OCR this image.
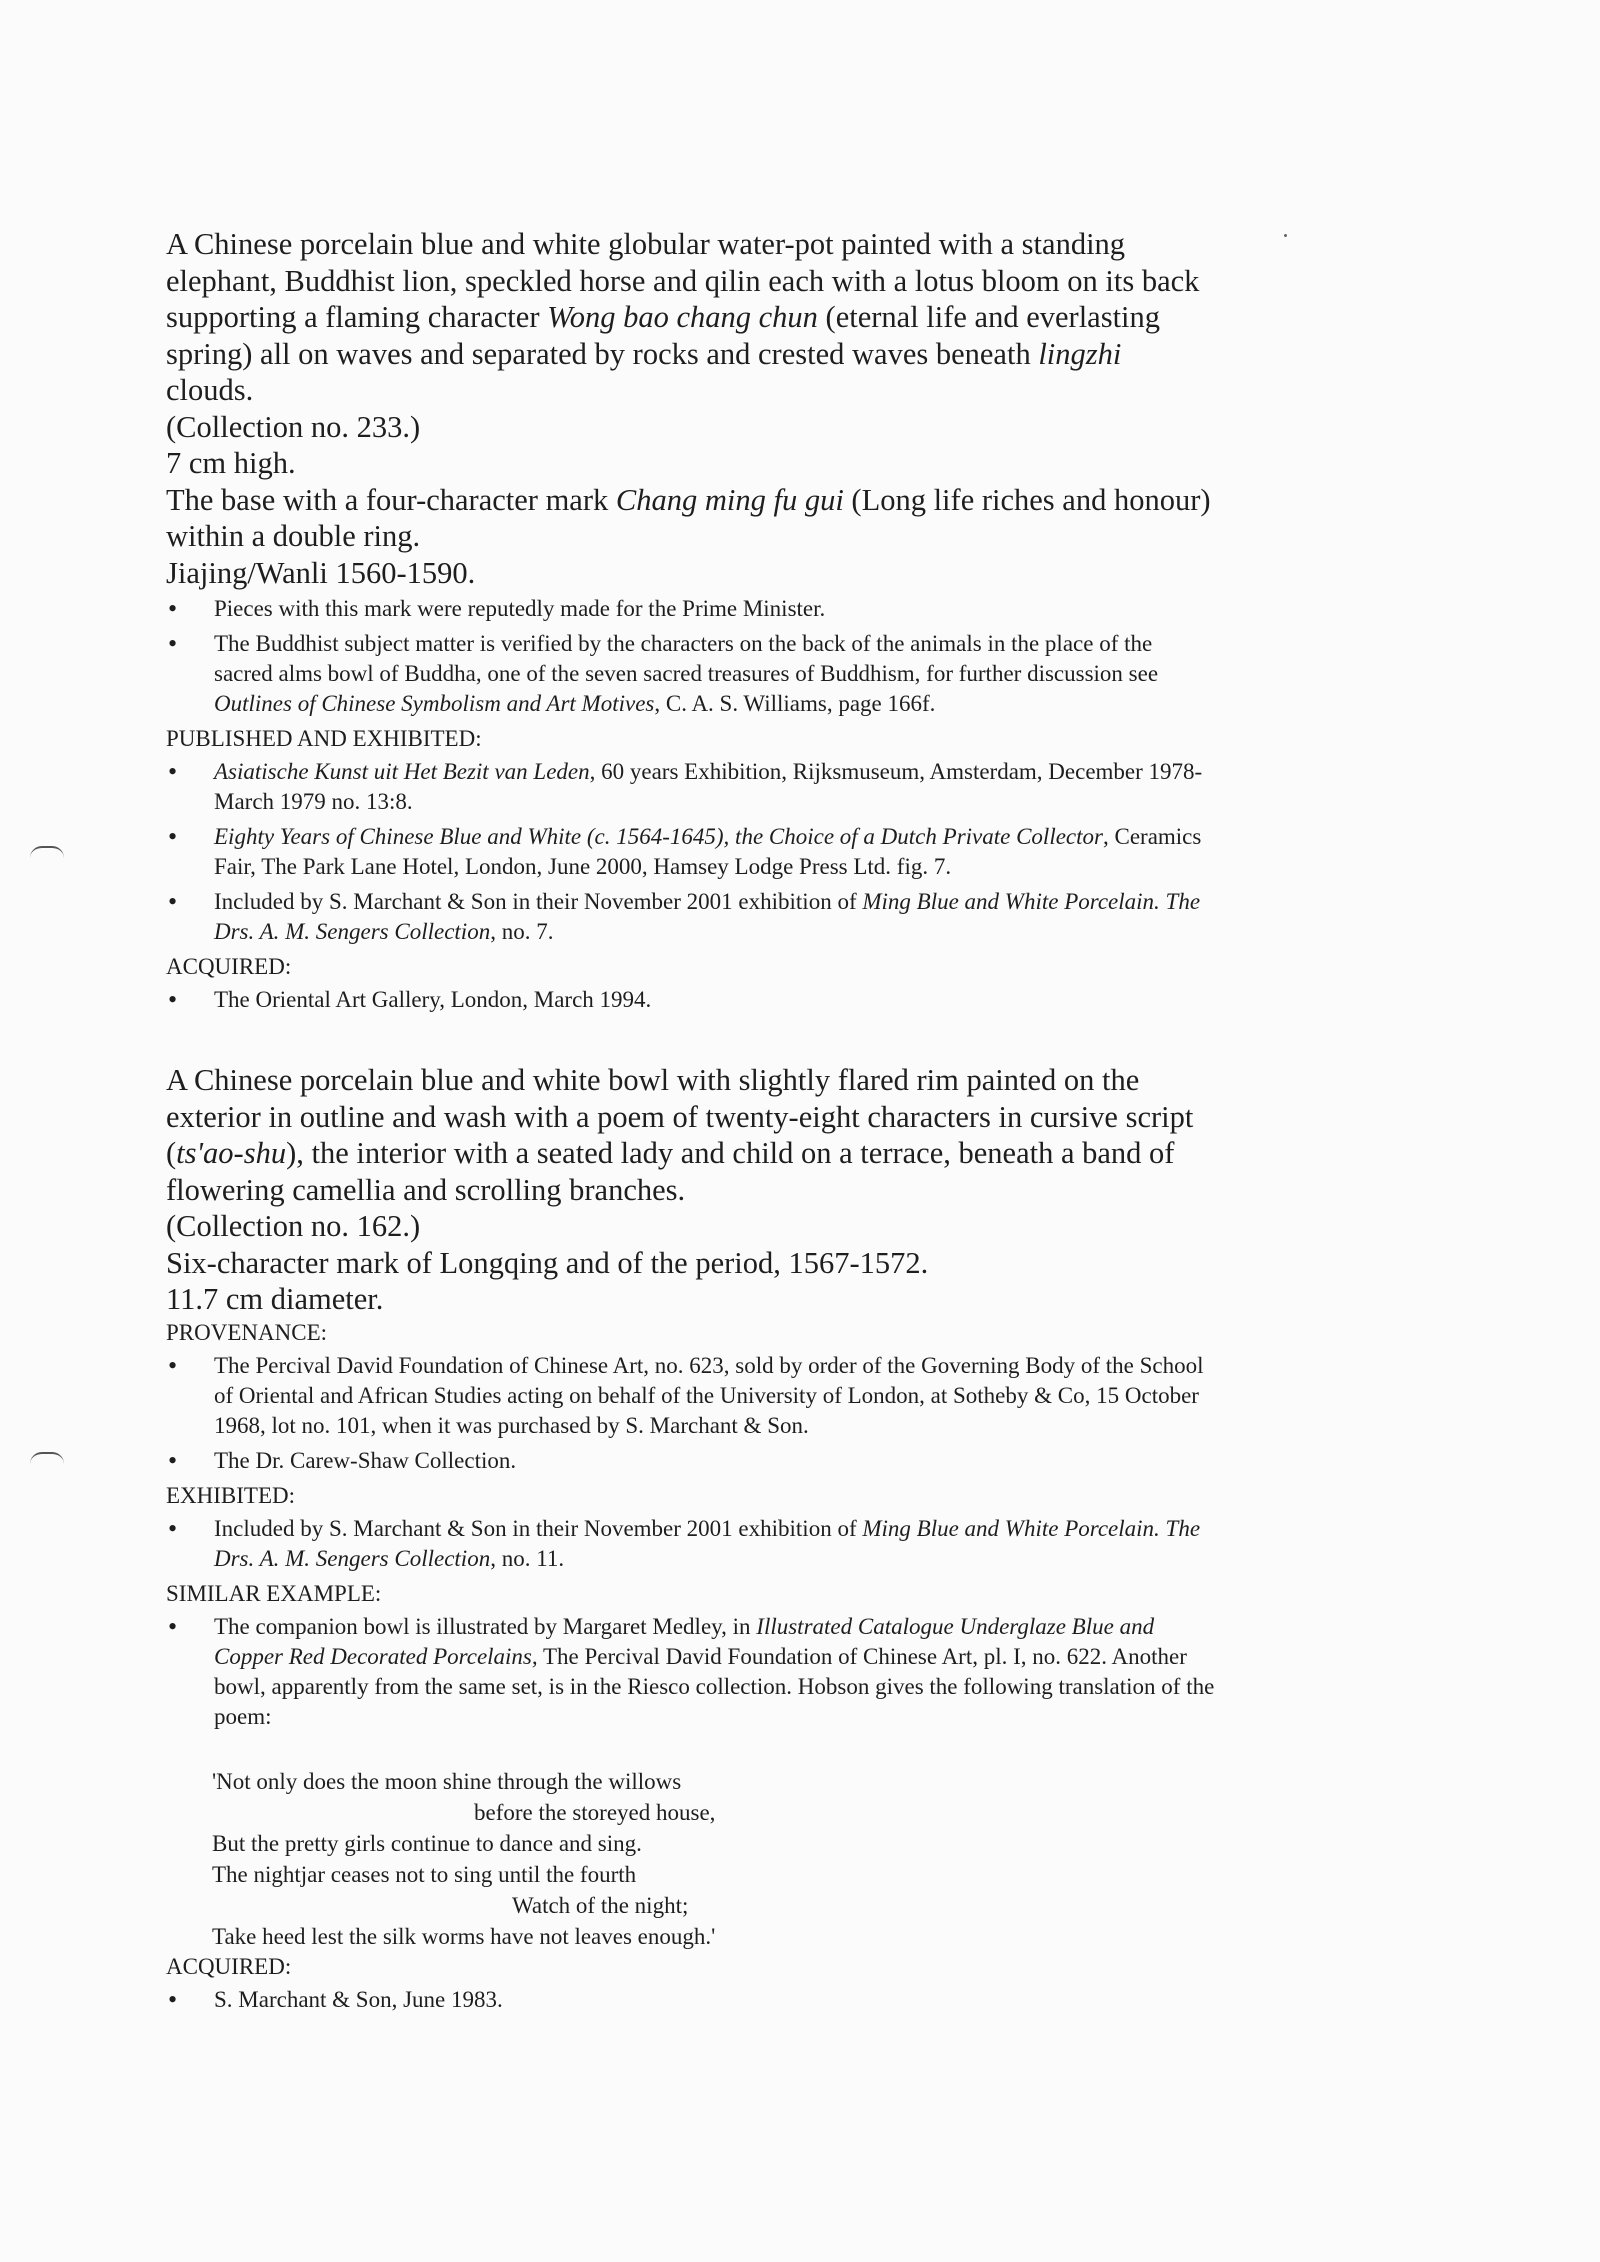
A Chinese porcelain blue and white globular water-pot painted with a standing elephant, Buddhist lion, speckled horse and qilin each with a lotus bloom on its back supporting a flaming character Wong bao chang chun (eternal life and everlasting spring) all on waves and separated by rocks and crested waves beneath lingzhi clouds.

(Collection no. 233.)

7 cm high.

The base with a four-character mark Chang ming fu gui (Long life riches and honour) within a double ring.

Jiajing/Wanli 1560-1590.

• Pieces with this mark were reputedly made for the Prime Minister.
• The Buddhist subject matter is verified by the characters on the back of the animals in the place of the sacred alms bowl of Buddha, one of the seven sacred treasures of Buddhism, for further discussion see Outlines of Chinese Symbolism and Art Motives, C. A. S. Williams, page 166f.

PUBLISHED AND EXHIBITED:

• Asiatische Kunst uit Het Bezit van Leden, 60 years Exhibition, Rijksmuseum, Amsterdam, December 1978-March 1979 no. 13:8.
• Eighty Years of Chinese Blue and White (c. 1564-1645), the Choice of a Dutch Private Collector, Ceramics Fair, The Park Lane Hotel, London, June 2000, Hamsey Lodge Press Ltd. fig. 7.
• Included by S. Marchant & Son in their November 2001 exhibition of Ming Blue and White Porcelain. The Drs. A. M. Sengers Collection, no. 7.

ACQUIRED:

• The Oriental Art Gallery, London, March 1994.

A Chinese porcelain blue and white bowl with slightly flared rim painted on the exterior in outline and wash with a poem of twenty-eight characters in cursive script (ts'ao-shu), the interior with a seated lady and child on a terrace, beneath a band of flowering camellia and scrolling branches.

(Collection no. 162.)

Six-character mark of Longqing and of the period, 1567-1572.

11.7 cm diameter.

PROVENANCE:

• The Percival David Foundation of Chinese Art, no. 623, sold by order of the Governing Body of the School of Oriental and African Studies acting on behalf of the University of London, at Sotheby & Co, 15 October 1968, lot no. 101, when it was purchased by S. Marchant & Son.
• The Dr. Carew-Shaw Collection.

EXHIBITED:

• Included by S. Marchant & Son in their November 2001 exhibition of Ming Blue and White Porcelain. The Drs. A. M. Sengers Collection, no. 11.

SIMILAR EXAMPLE:

• The companion bowl is illustrated by Margaret Medley, in Illustrated Catalogue Underglaze Blue and Copper Red Decorated Porcelains, The Percival David Foundation of Chinese Art, pl. I, no. 622. Another bowl, apparently from the same set, is in the Riesco collection. Hobson gives the following translation of the poem:

'Not only does the moon shine through the willows

before the storeyed house,

But the pretty girls continue to dance and sing.

The nightjar ceases not to sing until the fourth

Watch of the night;

Take heed lest the silk worms have not leaves enough.'

ACQUIRED:

• S. Marchant & Son, June 1983.
